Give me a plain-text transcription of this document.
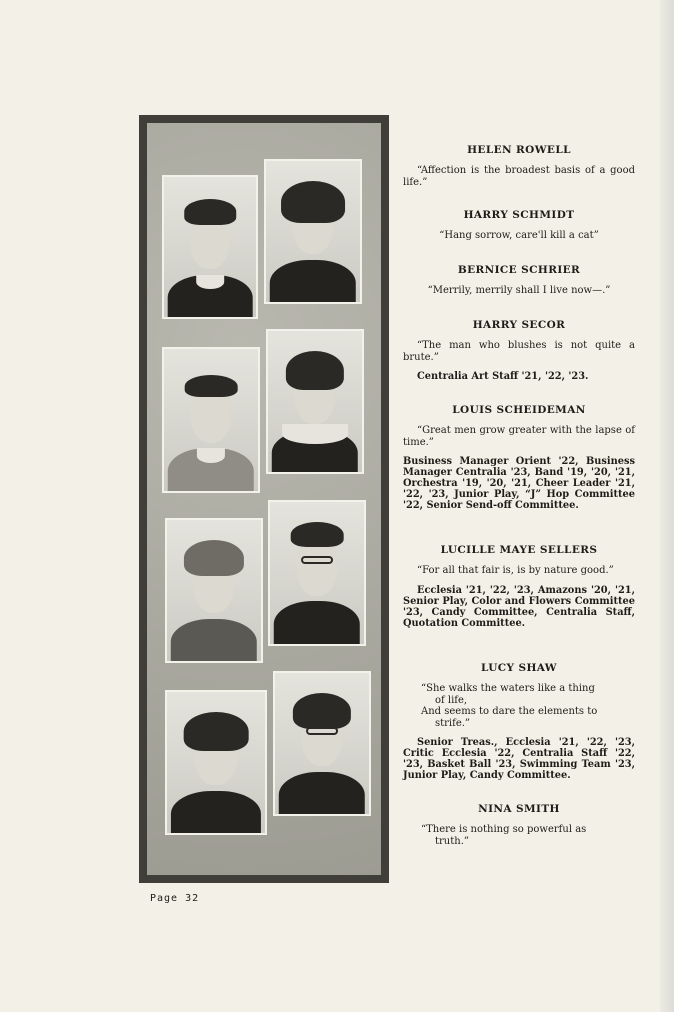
HELEN ROWELL

“Affection is the broadest basis of a good life.”

HARRY SCHMIDT

“Hang sorrow, care'll kill a cat”

BERNICE SCHRIER

“Merrily, merrily shall I live now—.”

HARRY SECOR

“The man who blushes is not quite a brute.”

Centralia Art Staff '21, '22, '23.

LOUIS SCHEIDEMAN

“Great men grow greater with the lapse of time.”

Business Manager Orient '22, Business Manager Centralia '23, Band '19, '20, '21, Orchestra '19, '20, '21, Cheer Leader '21, '22, '23, Junior Play, “J” Hop Committee '22, Senior Send-off Committee.

LUCILLE MAYE SELLERS

“For all that fair is, is by nature good.”

Ecclesia '21, '22, '23, Amazons '20, '21, Senior Play, Color and Flowers Committee '23, Candy Committee, Centralia Staff, Quotation Committee.

LUCY SHAW

“She walks the waters like a thing
of life,
And seems to dare the elements to
strife.”

Senior Treas., Ecclesia '21, '22, '23, Critic Ecclesia '22, Centralia Staff '22, '23, Basket Ball '23, Swimming Team '23, Junior Play, Candy Committee.

NINA SMITH

“There is nothing so powerful as
truth.”

Page 32
